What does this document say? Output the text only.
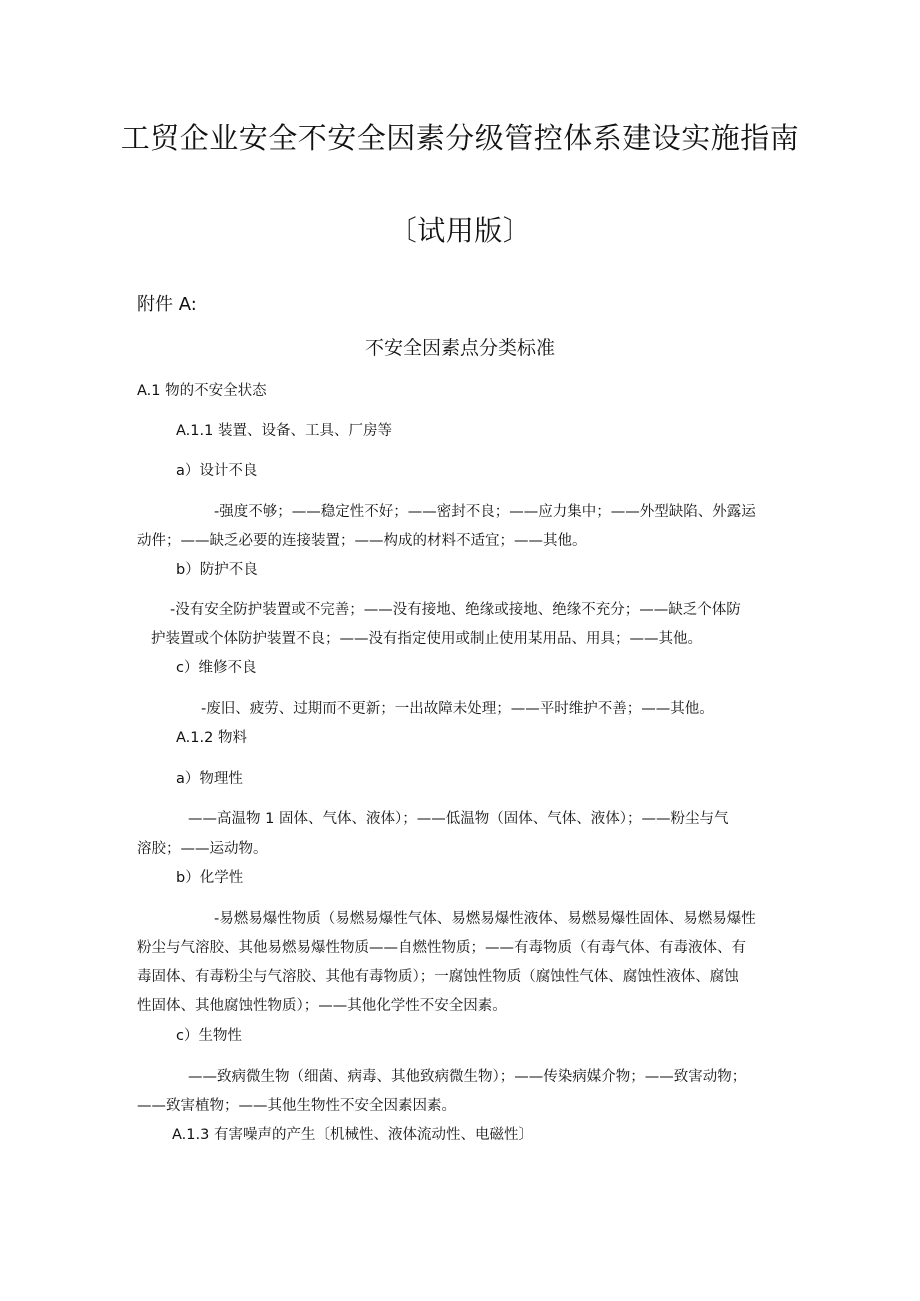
工贸企业安全不安全因素分级管控体系建设实施指南
〔试用版〕
附件 A:
不安全因素点分类标准
A.1 物的不安全状态
A.1.1 装置、设备、工具、厂房等
a）设计不良
-强度不够；——稳定性不好；——密封不良；——应力集中；——外型缺陷、外露运
动件；——缺乏必要的连接装置；——构成的材料不适宜；——其他。
b）防护不良
-没有安全防护装置或不完善；——没有接地、绝缘或接地、绝缘不充分；——缺乏个体防
护装置或个体防护装置不良；——没有指定使用或制止使用某用品、用具；——其他。
c）维修不良
-废旧、疲劳、过期而不更新；一出故障未处理；——平时维护不善；——其他。
A.1.2 物料
a）物理性
——高温物 1 固体、气体、液体）；——低温物（固体、气体、液体）；——粉尘与气
溶胶；——运动物。
b）化学性
-易燃易爆性物质（易燃易爆性气体、易燃易爆性液体、易燃易爆性固体、易燃易爆性
粉尘与气溶胶、其他易燃易爆性物质——自燃性物质；——有毒物质（有毒气体、有毒液体、有
毒固体、有毒粉尘与气溶胶、其他有毒物质）；一腐蚀性物质（腐蚀性气体、腐蚀性液体、腐蚀
性固体、其他腐蚀性物质）；——其他化学性不安全因素。
c）生物性
——致病微生物（细菌、病毒、其他致病微生物）；——传染病媒介物；——致害动物；
——致害植物；——其他生物性不安全因素因素。
A.1.3 有害噪声的产生〔机械性、液体流动性、电磁性〕
